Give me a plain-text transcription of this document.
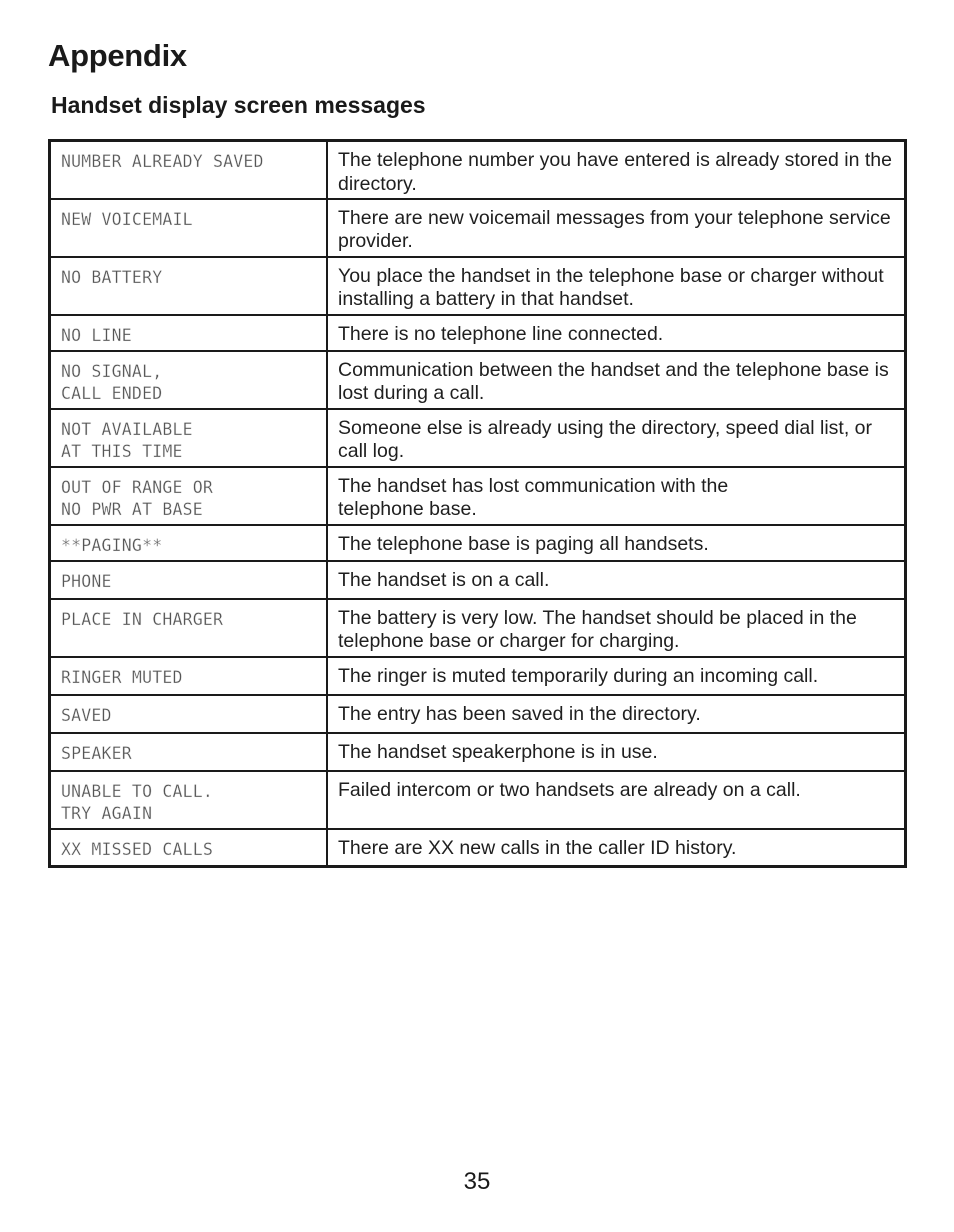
Appendix
Handset display screen messages
NUMBER ALREADY SAVED	The telephone number you have entered is already stored in the directory.

NEW VOICEMAIL	There are new voicemail messages from your telephone service provider.

NO BATTERY	You place the handset in the telephone base or charger without installing a battery in that handset.

NO LINE	There is no telephone line connected.

NO SIGNAL,
CALL ENDED	Communication between the handset and the telephone base is lost during a call.

NOT AVAILABLE
AT THIS TIME	Someone else is already using the directory, speed dial list, or call log.

OUT OF RANGE OR
NO PWR AT BASE	The handset has lost communication with the
telephone base.

**PAGING**	The telephone base is paging all handsets.

PHONE	The handset is on a call.

PLACE IN CHARGER	The battery is very low. The handset should be placed in the telephone base or charger for charging.

RINGER MUTED	The ringer is muted temporarily during an incoming call.

SAVED	The entry has been saved in the directory.

SPEAKER	The handset speakerphone is in use.

UNABLE TO CALL.
TRY AGAIN	Failed intercom or two handsets are already on a call.

XX MISSED CALLS	There are XX new calls in the caller ID history.
35
